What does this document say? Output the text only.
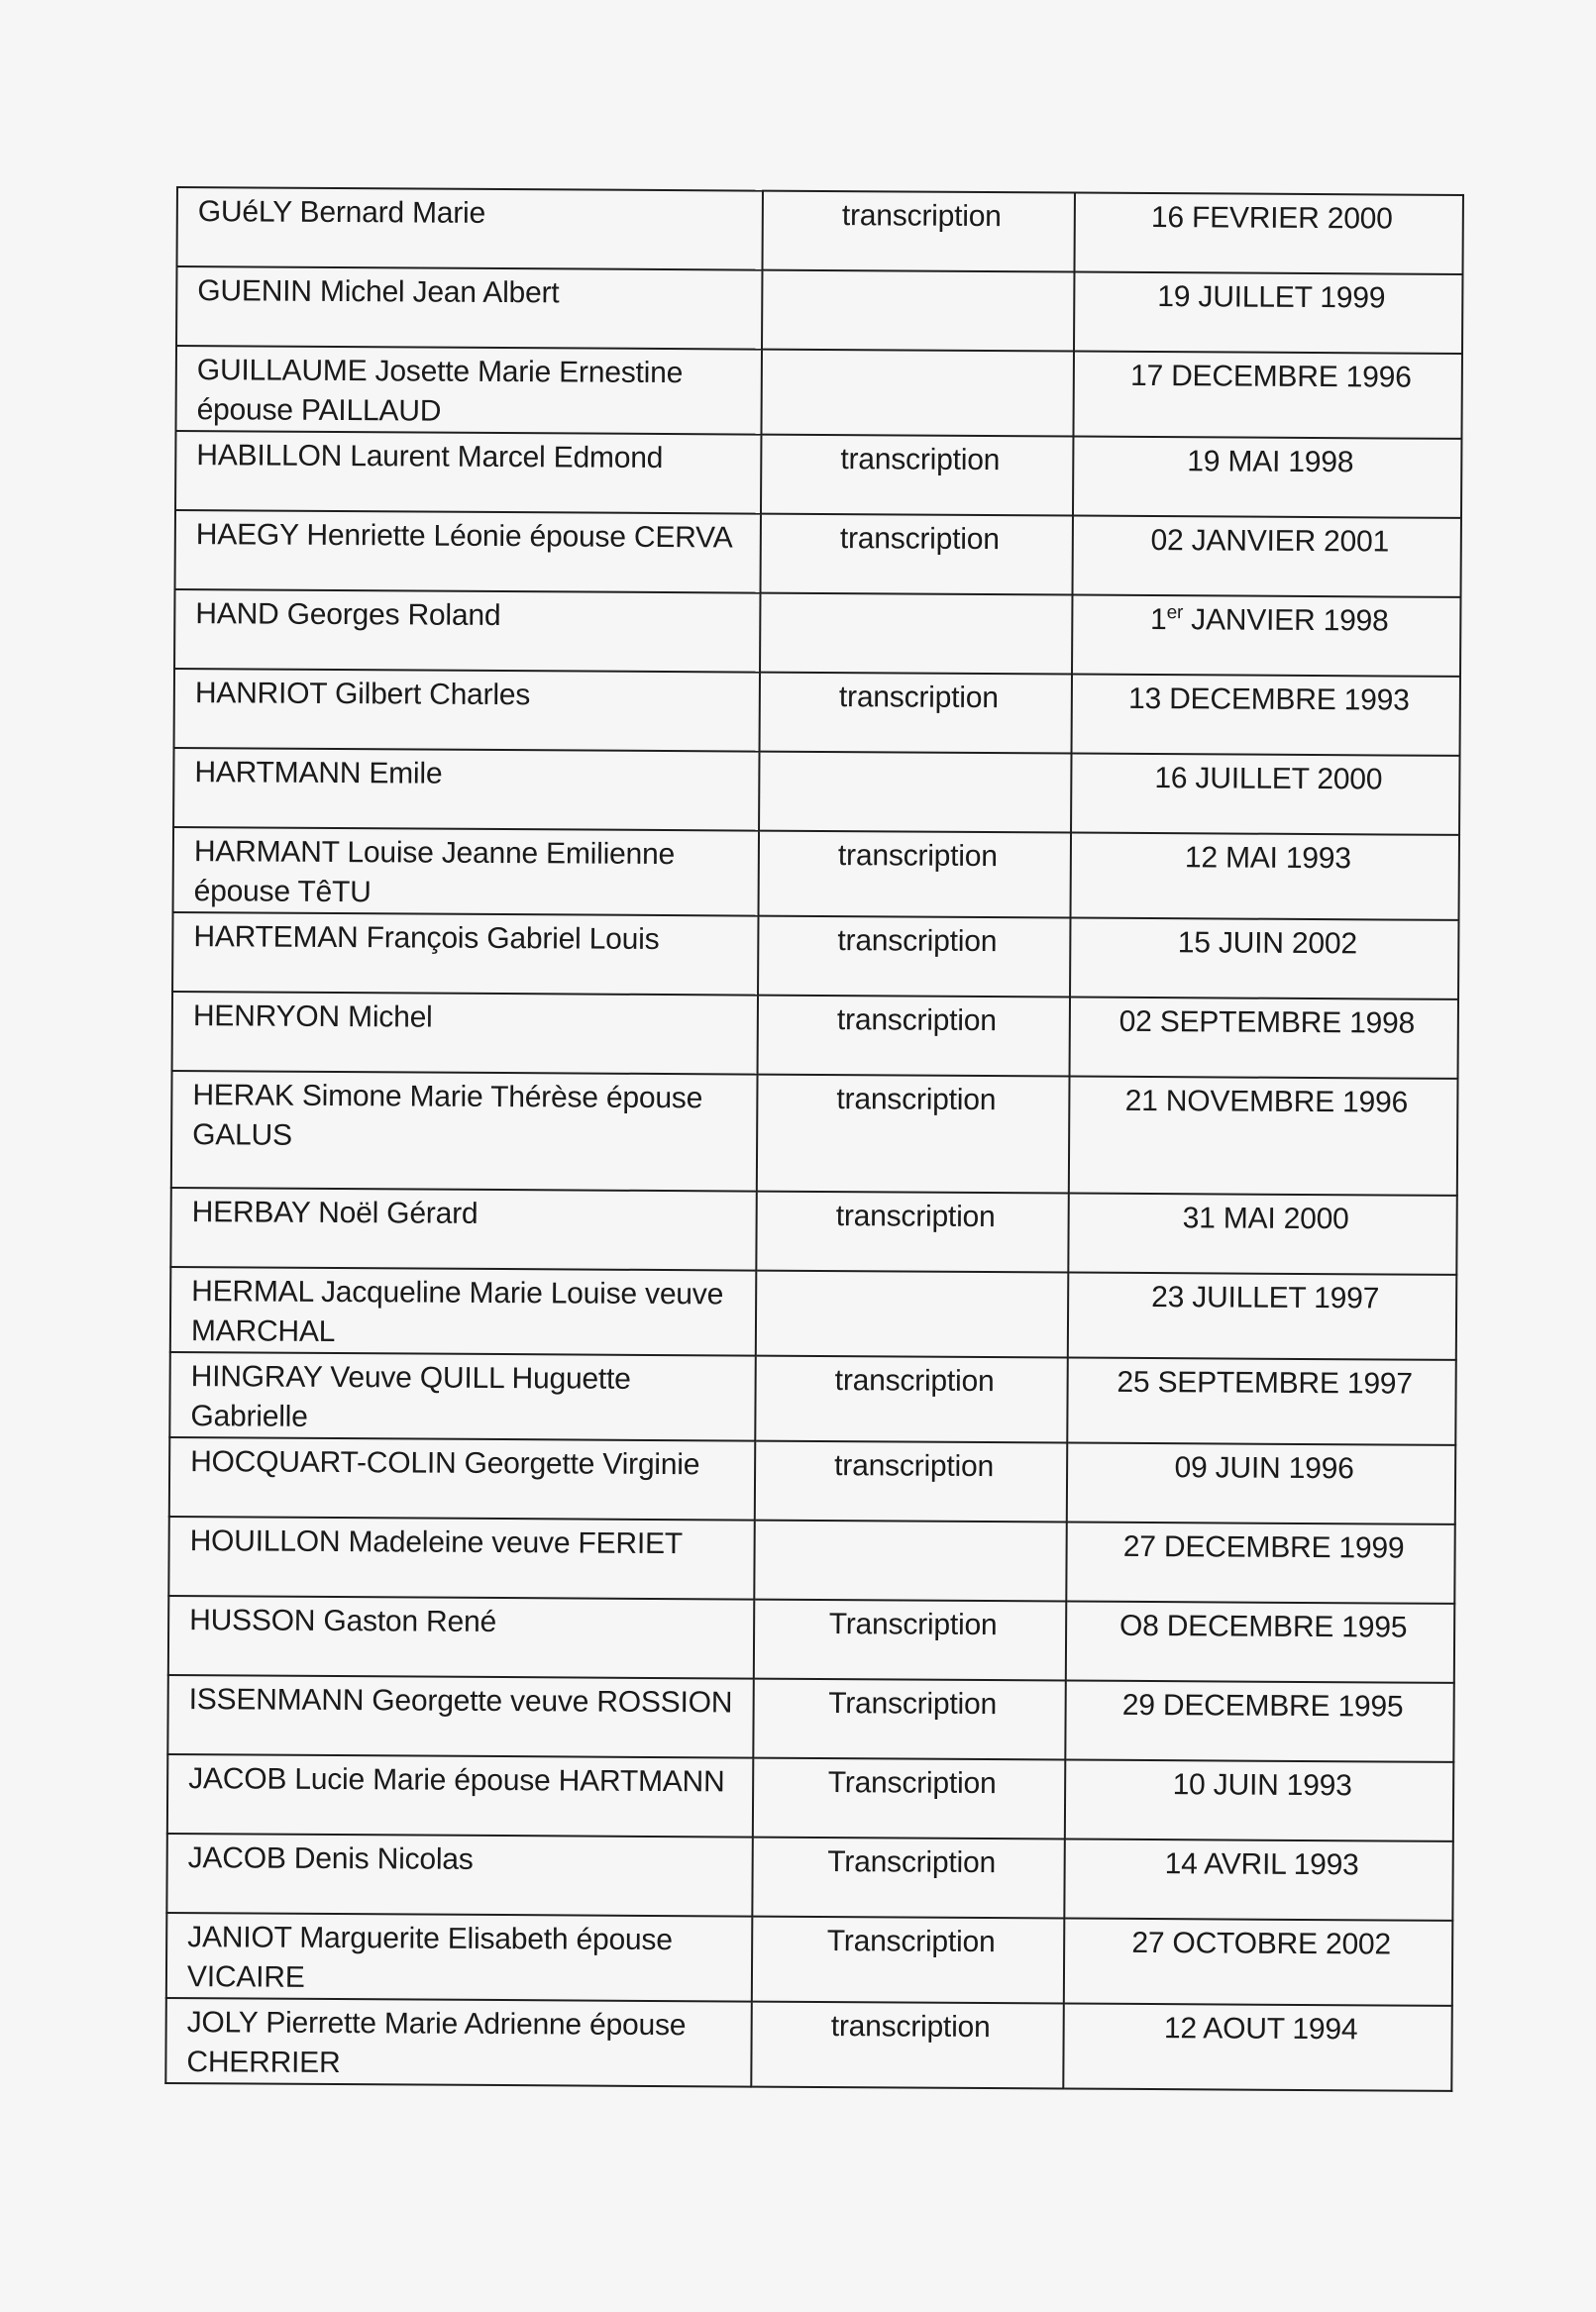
GUéLY Bernard Marie	transcription	16 FEVRIER 2000
GUENIN Michel Jean Albert		19 JUILLET 1999
GUILLAUME Josette Marie Ernestine épouse PAILLAUD		17 DECEMBRE 1996
HABILLON Laurent Marcel Edmond	transcription	19 MAI 1998
HAEGY Henriette Léonie épouse CERVA	transcription	02 JANVIER 2001
HAND Georges Roland		1er JANVIER 1998
HANRIOT Gilbert Charles	transcription	13 DECEMBRE 1993
HARTMANN Emile		16 JUILLET 2000
HARMANT Louise Jeanne Emilienne épouse TêTU	transcription	12 MAI 1993
HARTEMAN François Gabriel Louis	transcription	15 JUIN 2002
HENRYON Michel	transcription	02 SEPTEMBRE 1998
HERAK Simone Marie Thérèse épouse GALUS	transcription	21 NOVEMBRE 1996
HERBAY Noël Gérard	transcription	31 MAI 2000
HERMAL Jacqueline Marie Louise veuve MARCHAL		23 JUILLET 1997
HINGRAY Veuve QUILL Huguette Gabrielle	transcription	25 SEPTEMBRE 1997
HOCQUART-COLIN Georgette Virginie	transcription	09 JUIN 1996
HOUILLON Madeleine veuve FERIET		27 DECEMBRE 1999
HUSSON Gaston René	Transcription	O8 DECEMBRE 1995
ISSENMANN Georgette veuve ROSSION	Transcription	29 DECEMBRE 1995
JACOB Lucie Marie épouse HARTMANN	Transcription	10 JUIN 1993
JACOB Denis Nicolas	Transcription	14 AVRIL 1993
JANIOT Marguerite Elisabeth épouse VICAIRE	Transcription	27 OCTOBRE 2002
JOLY Pierrette Marie Adrienne épouse CHERRIER	transcription	12 AOUT 1994
